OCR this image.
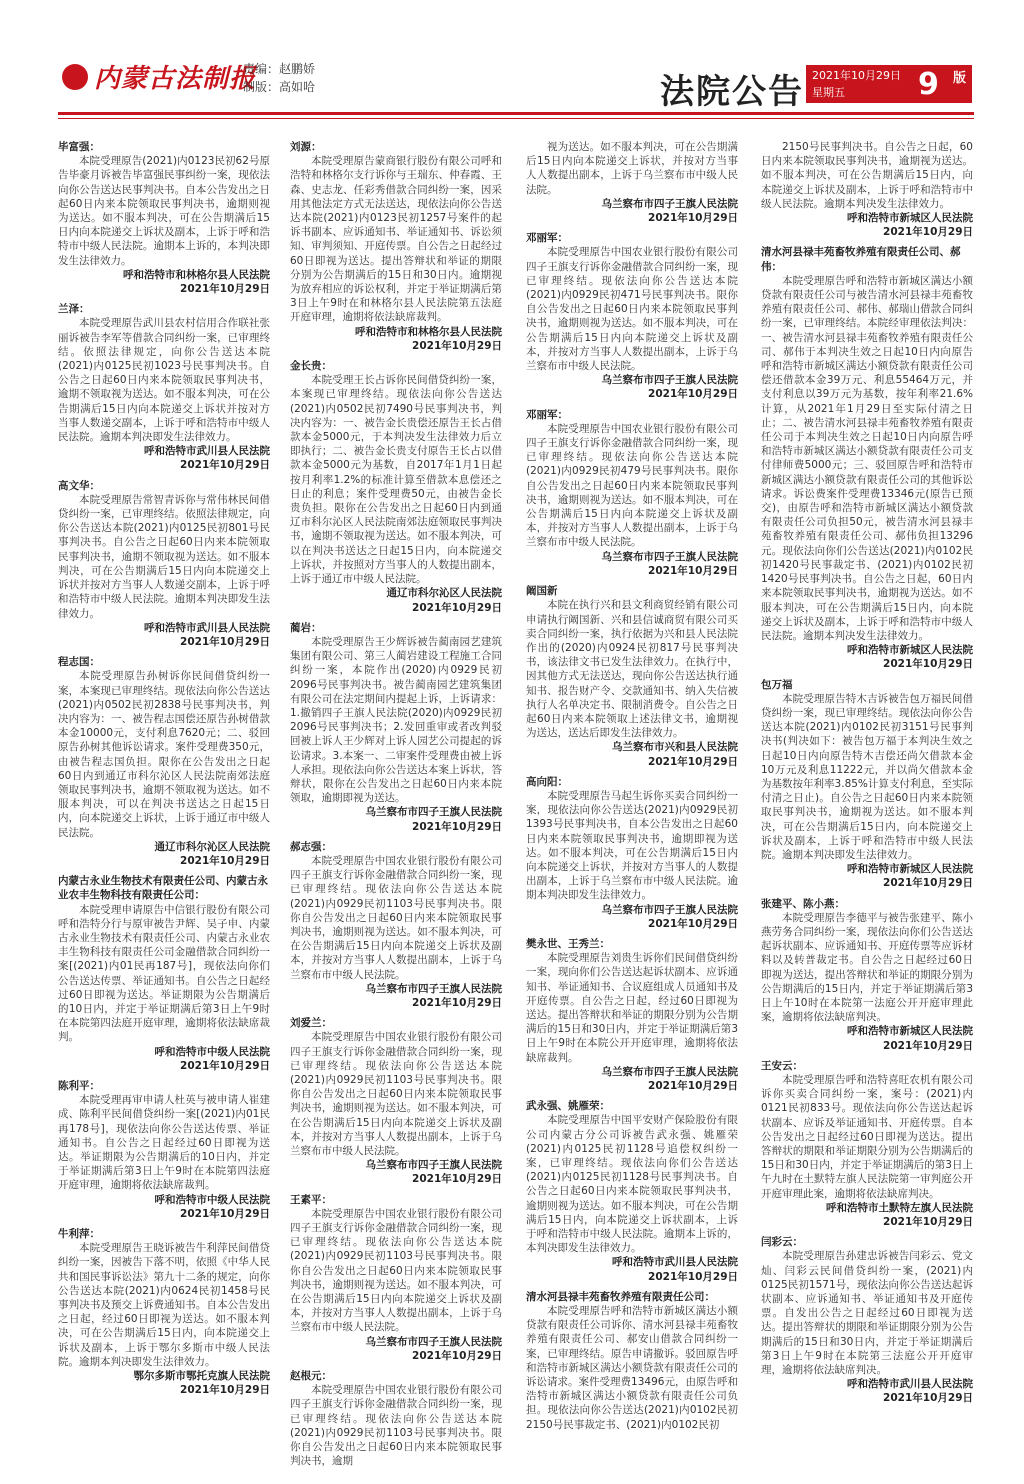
内蒙古法制报
责编：赵鹏娇
制版：高如哈	法院公告 2021年10月29日
星期五	9 版

毕富强：

本院受理原告(2021)内0123民初62号原告毕豪月诉被告毕富强民事纠纷一案，现依法向你公告送达民事判决书。自本公告发出之日起60日内来本院领取民事判决书，逾期则视为送达。如不服本判决，可在公告期满后15日内向本院递交上诉状及副本，上诉于呼和浩特市中级人民法院。逾期本上诉的，本判决即发生法律效力。

呼和浩特市和林格尔县人民法院

2021年10月29日

兰泽：

本院受理原告武川县农村信用合作联社张丽诉被告李军等借款合同纠纷一案，已审理终结。依照法律规定，向你公告送达本院(2021)内0125民初1023号民事判决书。自公告之日起60日内来本院领取民事判决书，逾期不领取视为送达。如不服本判决，可在公告期满后15日内向本院递交上诉状并按对方当事人数递交副本，上诉于呼和浩特市中级人民法院。逾期本判决即发生法律效力。

呼和浩特市武川县人民法院

2021年10月29日

高文华：

本院受理原告常智青诉你与常伟林民间借贷纠纷一案，已审理终结。依照法律规定，向你公告送达本院(2021)内0125民初801号民事判决书。自公告之日起60日内来本院领取民事判决书，逾期不领取视为送达。如不服本判决，可在公告期满后15日内向本院递交上诉状并按对方当事人人数递交副本，上诉于呼和浩特市中级人民法院。逾期本判决即发生法律效力。

呼和浩特市武川县人民法院

2021年10月29日

程志国：

本院受理原告孙树诉你民间借贷纠纷一案，本案现已审理终结。现依法向你公告送达(2021)内0502民初2838号民事判决书，判决内容为：一、被告程志国偿还原告孙树借款本金10000元，支付利息7620元；二、驳回原告孙树其他诉讼请求。案件受理费350元，由被告程志国负担。限你在公告发出之日起60日内到通辽市科尔沁区人民法院南郊法庭领取民事判决书，逾期不领取视为送达。如不服本判决，可以在判决书送达之日起15日内，向本院递交上诉状，上诉于通辽市中级人民法院。

通辽市科尔沁区人民法院

2021年10月29日

内蒙古永业生物技术有限责任公司、内蒙古永业农丰生物科技有限责任公司：

本院受理申请原告中信银行股份有限公司呼和浩特分行与原审被告尹辉、吴子申、内蒙古永业生物技术有限责任公司、内蒙古永业农丰生物科技有限责任公司金融借款合同纠纷一案[(2021)内01民再187号]，现依法向你们公告送达传票、举证通知书。自公告之日起经过60日即视为送达。举证期限为公告期满后的10日内，并定于举证期满后第3日上午9时在本院第四法庭开庭审理，逾期将依法缺席裁判。

呼和浩特市中级人民法院

2021年10月29日

陈利平：

本院受理再审申请人杜英与被申请人崔建成、陈利平民间借贷纠纷一案[(2021)内01民再178号]，现依法向你公告送达传票、举证通知书。自公告之日起经过60日即视为送达。举证期限为公告期满后的10日内，并定于举证期满后第3日上午9时在本院第四法庭开庭审理，逾期将依法缺席裁判。

呼和浩特市中级人民法院

2021年10月29日

牛利萍：

本院受理原告王晓诉被告牛利萍民间借贷纠纷一案，因被告下落不明，依照《中华人民共和国民事诉讼法》第九十二条的规定，向你公告送达本院(2021)内0624民初1458号民事判决书及预交上诉费通知书。自本公告发出之日起，经过60日即视为送达。如不服本判决，可在公告期满后15日内，向本院递交上诉状及副本，上诉于鄂尔多斯市中级人民法院。逾期本判决即发生法律效力。

鄂尔多斯市鄂托克旗人民法院

2021年10月29日

刘源：

本院受理原告蒙商银行股份有限公司呼和浩特和林格尔支行诉你与王瑞东、仲春霞、王森、史志龙、任彩秀借款合同纠纷一案，因采用其他法定方式无法送达，现依法向你公告送达本院(2021)内0123民初1257号案件的起诉书副本、应诉通知书、举证通知书、诉讼须知、审判须知、开庭传票。自公告之日起经过60日即视为送达。提出答辩状和举证的期限分别为公告期满后的15日和30日内。逾期视为放弃相应的诉讼权利，并定于举证期满后第3日上午9时在和林格尔县人民法院第五法庭开庭审理，逾期将依法缺席裁判。

呼和浩特市和林格尔县人民法院

2021年10月29日

金长贵：

本院受理王长占诉你民间借贷纠纷一案，本案现已审理终结。现依法向你公告送达(2021)内0502民初7490号民事判决书，判决内容为：一、被告金长贵偿还原告王长占借款本金5000元，于本判决发生法律效力后立即执行；二、被告金长贵支付原告王长占以借款本金5000元为基数，自2017年1月1日起按月利率1.2%的标准计算至借款本息偿还之日止的利息；案件受理费50元，由被告金长贵负担。限你在公告发出之日起60日内到通辽市科尔沁区人民法院南郊法庭领取民事判决书，逾期不领取视为送达。如不服本判决，可以在判决书送达之日起15日内，向本院递交上诉状，并按照对方当事人的人数提出副本，上诉于通辽市中级人民法院。

通辽市科尔沁区人民法院

2021年10月29日

蔺岩：

本院受理原告王少辉诉被告蔺南园艺建筑集团有限公司、第三人蔺岩建设工程施工合同纠纷一案，本院作出(2020)内0929民初2096号民事判决书。被告蔺南园艺建筑集团有限公司在法定期间内提起上诉，上诉请求：1.撤销四子王旗人民法院(2020)内0929民初2096号民事判决书；2.发回重审或者改判驳回被上诉人王少辉对上诉人园艺公司提起的诉讼请求。3.本案一、二审案件受理费由被上诉人承担。现依法向你公告送达本案上诉状，答辩状，限你在公告发出之日起60日内来本院领取，逾期即视为送达。

乌兰察布市四子王旗人民法院

2021年10月29日

郝志强：

本院受理原告中国农业银行股份有限公司四子王旗支行诉你金融借款合同纠纷一案，现已审理终结。现依法向你公告送达本院(2021)内0929民初1103号民事判决书。限你自公告发出之日起60日内来本院领取民事判决书，逾期则视为送达。如不服本判决，可在公告期满后15日内向本院递交上诉状及副本，并按对方当事人人数提出副本，上诉于乌兰察布市中级人民法院。

乌兰察布市四子王旗人民法院

2021年10月29日

刘爱兰：

本院受理原告中国农业银行股份有限公司四子王旗支行诉你金融借款合同纠纷一案，现已审理终结。现依法向你公告送达本院(2021)内0929民初1103号民事判决书。限你自公告发出之日起60日内来本院领取民事判决书，逾期则视为送达。如不服本判决，可在公告期满后15日内向本院递交上诉状及副本，并按对方当事人人数提出副本，上诉于乌兰察布市中级人民法院。

乌兰察布市四子王旗人民法院

2021年10月29日

王素平：

本院受理原告中国农业银行股份有限公司四子王旗支行诉你金融借款合同纠纷一案，现已审理终结。现依法向你公告送达本院(2021)内0929民初1103号民事判决书。限你自公告发出之日起60日内来本院领取民事判决书，逾期则视为送达。如不服本判决，可在公告期满后15日内向本院递交上诉状及副本，并按对方当事人人数提出副本，上诉于乌兰察布市中级人民法院。

乌兰察布市四子王旗人民法院

2021年10月29日

赵根元：

本院受理原告中国农业银行股份有限公司四子王旗支行诉你金融借款合同纠纷一案，现已审理终结。现依法向你公告送达本院(2021)内0929民初1103号民事判决书。限你自公告发出之日起60日内来本院领取民事判决书，逾期

视为送达。如不服本判决，可在公告期满后15日内向本院递交上诉状，并按对方当事人人数提出副本，上诉于乌兰察布市中级人民法院。

乌兰察布市四子王旗人民法院

2021年10月29日

邓丽军：

本院受理原告中国农业银行股份有限公司四子王旗支行诉你金融借款合同纠纷一案，现已审理终结。现依法向你公告送达本院(2021)内0929民初471号民事判决书。限你自公告发出之日起60日内来本院领取民事判决书，逾期则视为送达。如不服本判决，可在公告期满后15日内向本院递交上诉状及副本，并按对方当事人人数提出副本，上诉于乌兰察布市中级人民法院。

乌兰察布市四子王旗人民法院

2021年10月29日

邓丽军：

本院受理原告中国农业银行股份有限公司四子王旗支行诉你金融借款合同纠纷一案，现已审理终结。现依法向你公告送达本院(2021)内0929民初479号民事判决书。限你自公告发出之日起60日内来本院领取民事判决书，逾期则视为送达。如不服本判决，可在公告期满后15日内向本院递交上诉状及副本，并按对方当事人人数提出副本，上诉于乌兰察布市中级人民法院。

乌兰察布市四子王旗人民法院

2021年10月29日

阚国新

本院在执行兴和县文利商贸经销有限公司申请执行阚国新、兴和县信诚商贸有限公司买卖合同纠纷一案，执行依据为兴和县人民法院作出的(2020)内0924民初817号民事判决书，该法律文书已发生法律效力。在执行中，因其他方式无法送达，现向你公告送达执行通知书、报告财产令、交款通知书、纳入失信被执行人名单决定书、限制消费令。自公告之日起60日内来本院领取上述法律文书，逾期视为送达，送达后即发生法律效力。

乌兰察布市兴和县人民法院

2021年10月29日

高向阳：

本院受理原告马起生诉你买卖合同纠纷一案，现依法向你公告送达(2021)内0929民初1393号民事判决书，自本公告发出之日起60日内来本院领取民事判决书，逾期即视为送达。如不服本判决，可在公告期满后15日内向本院递交上诉状，并按对方当事人的人数提出副本，上诉于乌兰察布市中级人民法院。逾期本判决即发生法律效力。

乌兰察布市四子王旗人民法院

2021年10月29日

樊永世、王秀兰：

本院受理原告刘贵生诉你们民间借贷纠纷一案，现向你们公告送达起诉状副本、应诉通知书、举证通知书、合议庭组成人员通知书及开庭传票。自公告之日起，经过60日即视为送达。提出答辩状和举证的期限分别为公告期满后的15日和30日内，并定于举证期满后第3日上午9时在本院公开开庭审理，逾期将依法缺席裁判。

乌兰察布市四子王旗人民法院

2021年10月29日

武永强、姚雁荣：

本院受理原告中国平安财产保险股份有限公司内蒙古分公司诉被告武永强、姚雁荣(2021)内0125民初1128号追偿权纠纷一案，已审理终结。现依法向你们公告送达(2021)内0125民初1128号民事判决书。自公告之日起60日内来本院领取民事判决书，逾期则视为送达。如不服本判决，可在公告期满后15日内，向本院递交上诉状副本，上诉于呼和浩特市中级人民法院。逾期本上诉的，本判决即发生法律效力。

呼和浩特市武川县人民法院

2021年10月29日

清水河县禄丰苑畜牧养殖有限责任公司：

本院受理原告呼和浩特市新城区满达小额贷款有限责任公司诉你、清水河县禄丰苑畜牧养殖有限责任公司、郝安山借款合同纠纷一案，已审理终结。原告申请撤诉。驳回原告呼和浩特市新城区满达小额贷款有限责任公司的诉讼请求。案件受理费13496元，由原告呼和浩特市新城区满达小额贷款有限责任公司负担。现依法向你公告送达(2021)内0102民初2150号民事裁定书、(2021)内0102民初

2150号民事判决书。自公告之日起，60日内来本院领取民事判决书，逾期视为送达。如不服本判决，可在公告期满后15日内，向本院递交上诉状及副本，上诉于呼和浩特市中级人民法院。逾期本判决发生法律效力。

呼和浩特市新城区人民法院

2021年10月29日

清水河县禄丰苑畜牧养殖有限责任公司、郝伟：

本院受理原告呼和浩特市新城区满达小额贷款有限责任公司与被告清水河县禄丰苑畜牧养殖有限责任公司、郝伟、郝瑞山借款合同纠纷一案，已审理终结。本院经审理依法判决：一、被告清水河县禄丰苑畜牧养殖有限责任公司、郝伟于本判决生效之日起10日内向原告呼和浩特市新城区满达小额贷款有限责任公司偿还借款本金39万元、利息55464万元，并支付利息以39万元为基数，按年利率21.6%计算，从2021年1月29日至实际付清之日止；二、被告清水河县禄丰苑畜牧养殖有限责任公司于本判决生效之日起10日内向原告呼和浩特市新城区满达小额贷款有限责任公司支付律师费5000元；三、驳回原告呼和浩特市新城区满达小额贷款有限责任公司的其他诉讼请求。诉讼费案件受理费13346元(原告已预交)，由原告呼和浩特市新城区满达小额贷款有限责任公司负担50元，被告清水河县禄丰苑畜牧养殖有限责任公司、郝伟负担13296元。现依法向你们公告送达(2021)内0102民初1420号民事裁定书、(2021)内0102民初1420号民事判决书。自公告之日起，60日内来本院领取民事判决书，逾期视为送达。如不服本判决，可在公告期满后15日内，向本院递交上诉状及副本，上诉于呼和浩特市中级人民法院。逾期本判决发生法律效力。

呼和浩特市新城区人民法院

2021年10月29日

包万福

本院受理原告特木吉诉被告包万福民间借贷纠纷一案，现已审理终结。现依法向你公告送达本院(2021)内0102民初3151号民事判决书(判决如下：被告包万福于本判决生效之日起10日内向原告特木吉偿还尚欠借款本金10万元及利息11222元，并以尚欠借款本金为基数按年利率3.85%计算支付利息，至实际付清之日止)。自公告之日起60日内来本院领取民事判决书，逾期视为送达。如不服本判决，可在公告期满后15日内，向本院递交上诉状及副本，上诉于呼和浩特市中级人民法院。逾期本判决即发生法律效力。

呼和浩特市新城区人民法院

2021年10月29日

张建平、陈小燕：

本院受理原告李德平与被告张建平、陈小燕劳务合同纠纷一案，现依法向你们公告送达起诉状副本、应诉通知书、开庭传票等应诉材料以及转普裁定书。自公告之日起经过60日即视为送达，提出答辩状和举证的期限分别为公告期满后的15日内，并定于举证期满后第3日上午10时在本院第一法庭公开开庭审理此案，逾期将依法缺席判决。

呼和浩特市新城区人民法院

2021年10月29日

王安云：

本院受理原告呼和浩特喜旺农机有限公司诉你买卖合同纠纷一案，案号：(2021)内0121民初833号。现依法向你公告送达起诉状副本、应诉及举证通知书、开庭传票。自本公告发出之日起经过60日即视为送达。提出答辩状的期限和举证期限分别为公告期满后的15日和30日内，并定于举证期满后的第3日上午九时在土默特左旗人民法院第一审判庭公开开庭审理此案，逾期将依法缺席判决。

呼和浩特市土默特左旗人民法院

2021年10月29日

闫彩云：

本院受理原告孙建忠诉被告闫彩云、党文灿、闫彩云民间借贷纠纷一案，(2021)内0125民初1571号，现依法向你公告送达起诉状副本、应诉通知书、举证通知书及开庭传票。自发出公告之日起经过60日即视为送达。提出答辩状的期限和举证期限分别为公告期满后的15日和30日内，并定于举证期满后第3日上午9时在本院第三法庭公开开庭审理，逾期将依法缺席判决。

呼和浩特市武川县人民法院

2021年10月29日
